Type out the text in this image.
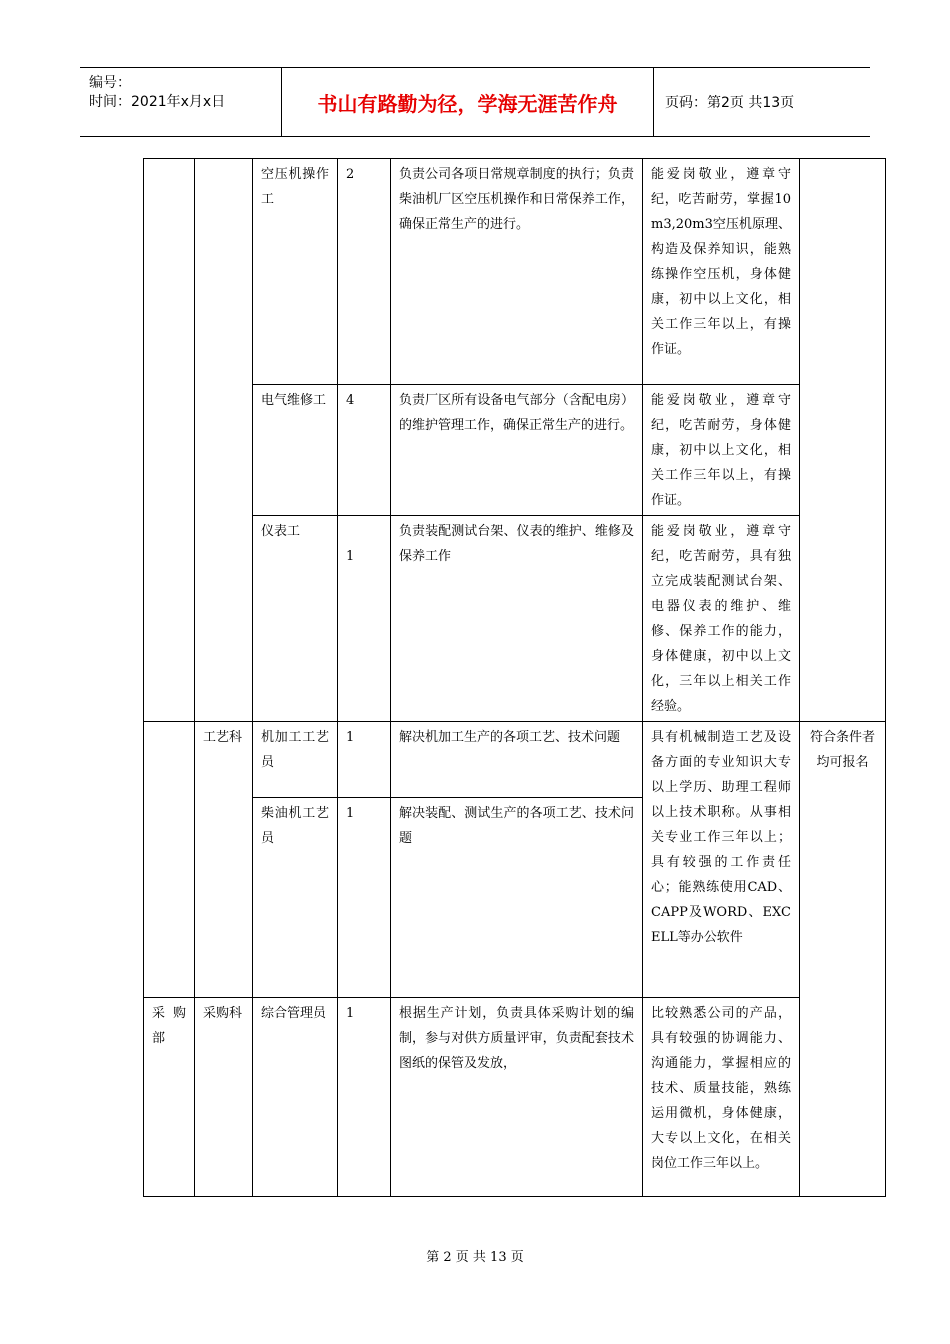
编号：
时间：2021年x月x日	书山有路勤为径，学海无涯苦作舟	页码：第2页 共13页
		空压机操作工	2	负责公司各项日常规章制度的执行；负责柴油机厂区空压机操作和日常保养工作，确保正常生产的进行。	能爱岗敬业，遵章守纪，吃苦耐劳，掌握10m3,20m3空压机原理、构造及保养知识，能熟练操作空压机，身体健康，初中以上文化，相关工作三年以上，有操作证。	
		电气维修工	4	负责厂区所有设备电气部分（含配电房）的维护管理工作，确保正常生产的进行。	能爱岗敬业，遵章守纪，吃苦耐劳，身体健康，初中以上文化，相关工作三年以上，有操作证。	
		仪表工	1	负责装配测试台架、仪表的维护、维修及保养工作	能爱岗敬业，遵章守纪，吃苦耐劳，具有独立完成装配测试台架、电器仪表的维护、维修、保养工作的能力，身体健康，初中以上文化，三年以上相关工作经验。	
	工艺科	机加工工艺员	1	解决机加工生产的各项工艺、技术问题	具有机械制造工艺及设备方面的专业知识大专以上学历、助理工程师以上技术职称。从事相关专业工作三年以上；具有较强的工作责任心；能熟练使用CAD、CAPP及WORD、EXCELL等办公软件	符合条件者均可报名
		柴油机工艺员	1	解决装配、测试生产的各项工艺、技术问题		
采购部	采购科	综合管理员	1	根据生产计划，负责具体采购计划的编制，参与对供方质量评审，负责配套技术图纸的保管及发放，	比较熟悉公司的产品，具有较强的协调能力、沟通能力，掌握相应的技术、质量技能，熟练运用微机，身体健康，大专以上文化，在相关岗位工作三年以上。	
第 2 页 共 13 页
